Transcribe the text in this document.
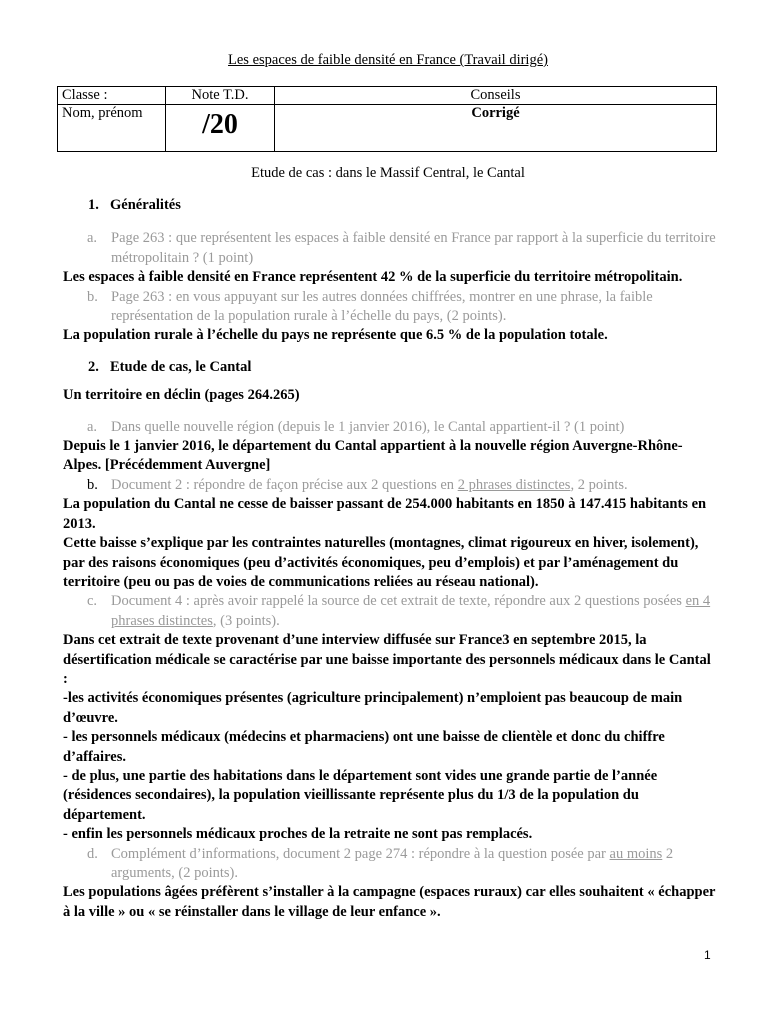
Les espaces de faible densité en France (Travail dirigé)
Classe :	Note T.D.	Conseils
Nom, prénom	/20	Corrigé
Etude de cas : dans le Massif Central, le Cantal

1. Généralités

a. Page 263 : que représentent les espaces à faible densité en France par rapport à la superficie du territoire métropolitain ? (1 point)

Les espaces à faible densité en France représentent 42 % de la superficie du territoire métropolitain.

b. Page 263 : en vous appuyant sur les autres données chiffrées, montrer en une phrase, la faible représentation de la population rurale à l’échelle du pays, (2 points).

La population rurale à l’échelle du pays ne représente que 6.5 % de la population totale.

2. Etude de cas, le Cantal

Un territoire en déclin (pages 264.265)

a. Dans quelle nouvelle région (depuis le 1 janvier 2016), le Cantal appartient-il ? (1 point)

Depuis le 1 janvier 2016, le département du Cantal appartient à la nouvelle région Auvergne-Rhône-Alpes. [Précédemment Auvergne]

b. Document 2 : répondre de façon précise aux 2 questions en 2 phrases distinctes, 2 points.

La population du Cantal ne cesse de baisser passant de 254.000 habitants en 1850 à 147.415 habitants en 2013.

Cette baisse s’explique par les contraintes naturelles (montagnes, climat rigoureux en hiver, isolement), par des raisons économiques (peu d’activités économiques, peu d’emplois) et par l’aménagement du territoire (peu ou pas de voies de communications reliées au réseau national).

c. Document 4 : après avoir rappelé la source de cet extrait de texte, répondre aux 2 questions posées en 4 phrases distinctes, (3 points).

Dans cet extrait de texte provenant d’une interview diffusée sur France3 en septembre 2015, la désertification médicale se caractérise par une baisse importante des personnels médicaux dans le Cantal :

-les activités économiques présentes (agriculture principalement) n’emploient pas beaucoup de main d’œuvre.

- les personnels médicaux (médecins et pharmaciens) ont une baisse de clientèle et donc du chiffre d’affaires.

- de plus, une partie des habitations dans le département sont vides une grande partie de l’année (résidences secondaires), la population vieillissante représente plus du 1/3 de la population du département.

- enfin les personnels médicaux proches de la retraite ne sont pas remplacés.

d. Complément d’informations, document 2 page 274 : répondre à la question posée par au moins 2 arguments, (2 points).

Les populations âgées préfèrent s’installer à la campagne (espaces ruraux) car elles souhaitent « échapper à la ville » ou « se réinstaller dans le village de leur enfance ».

1
